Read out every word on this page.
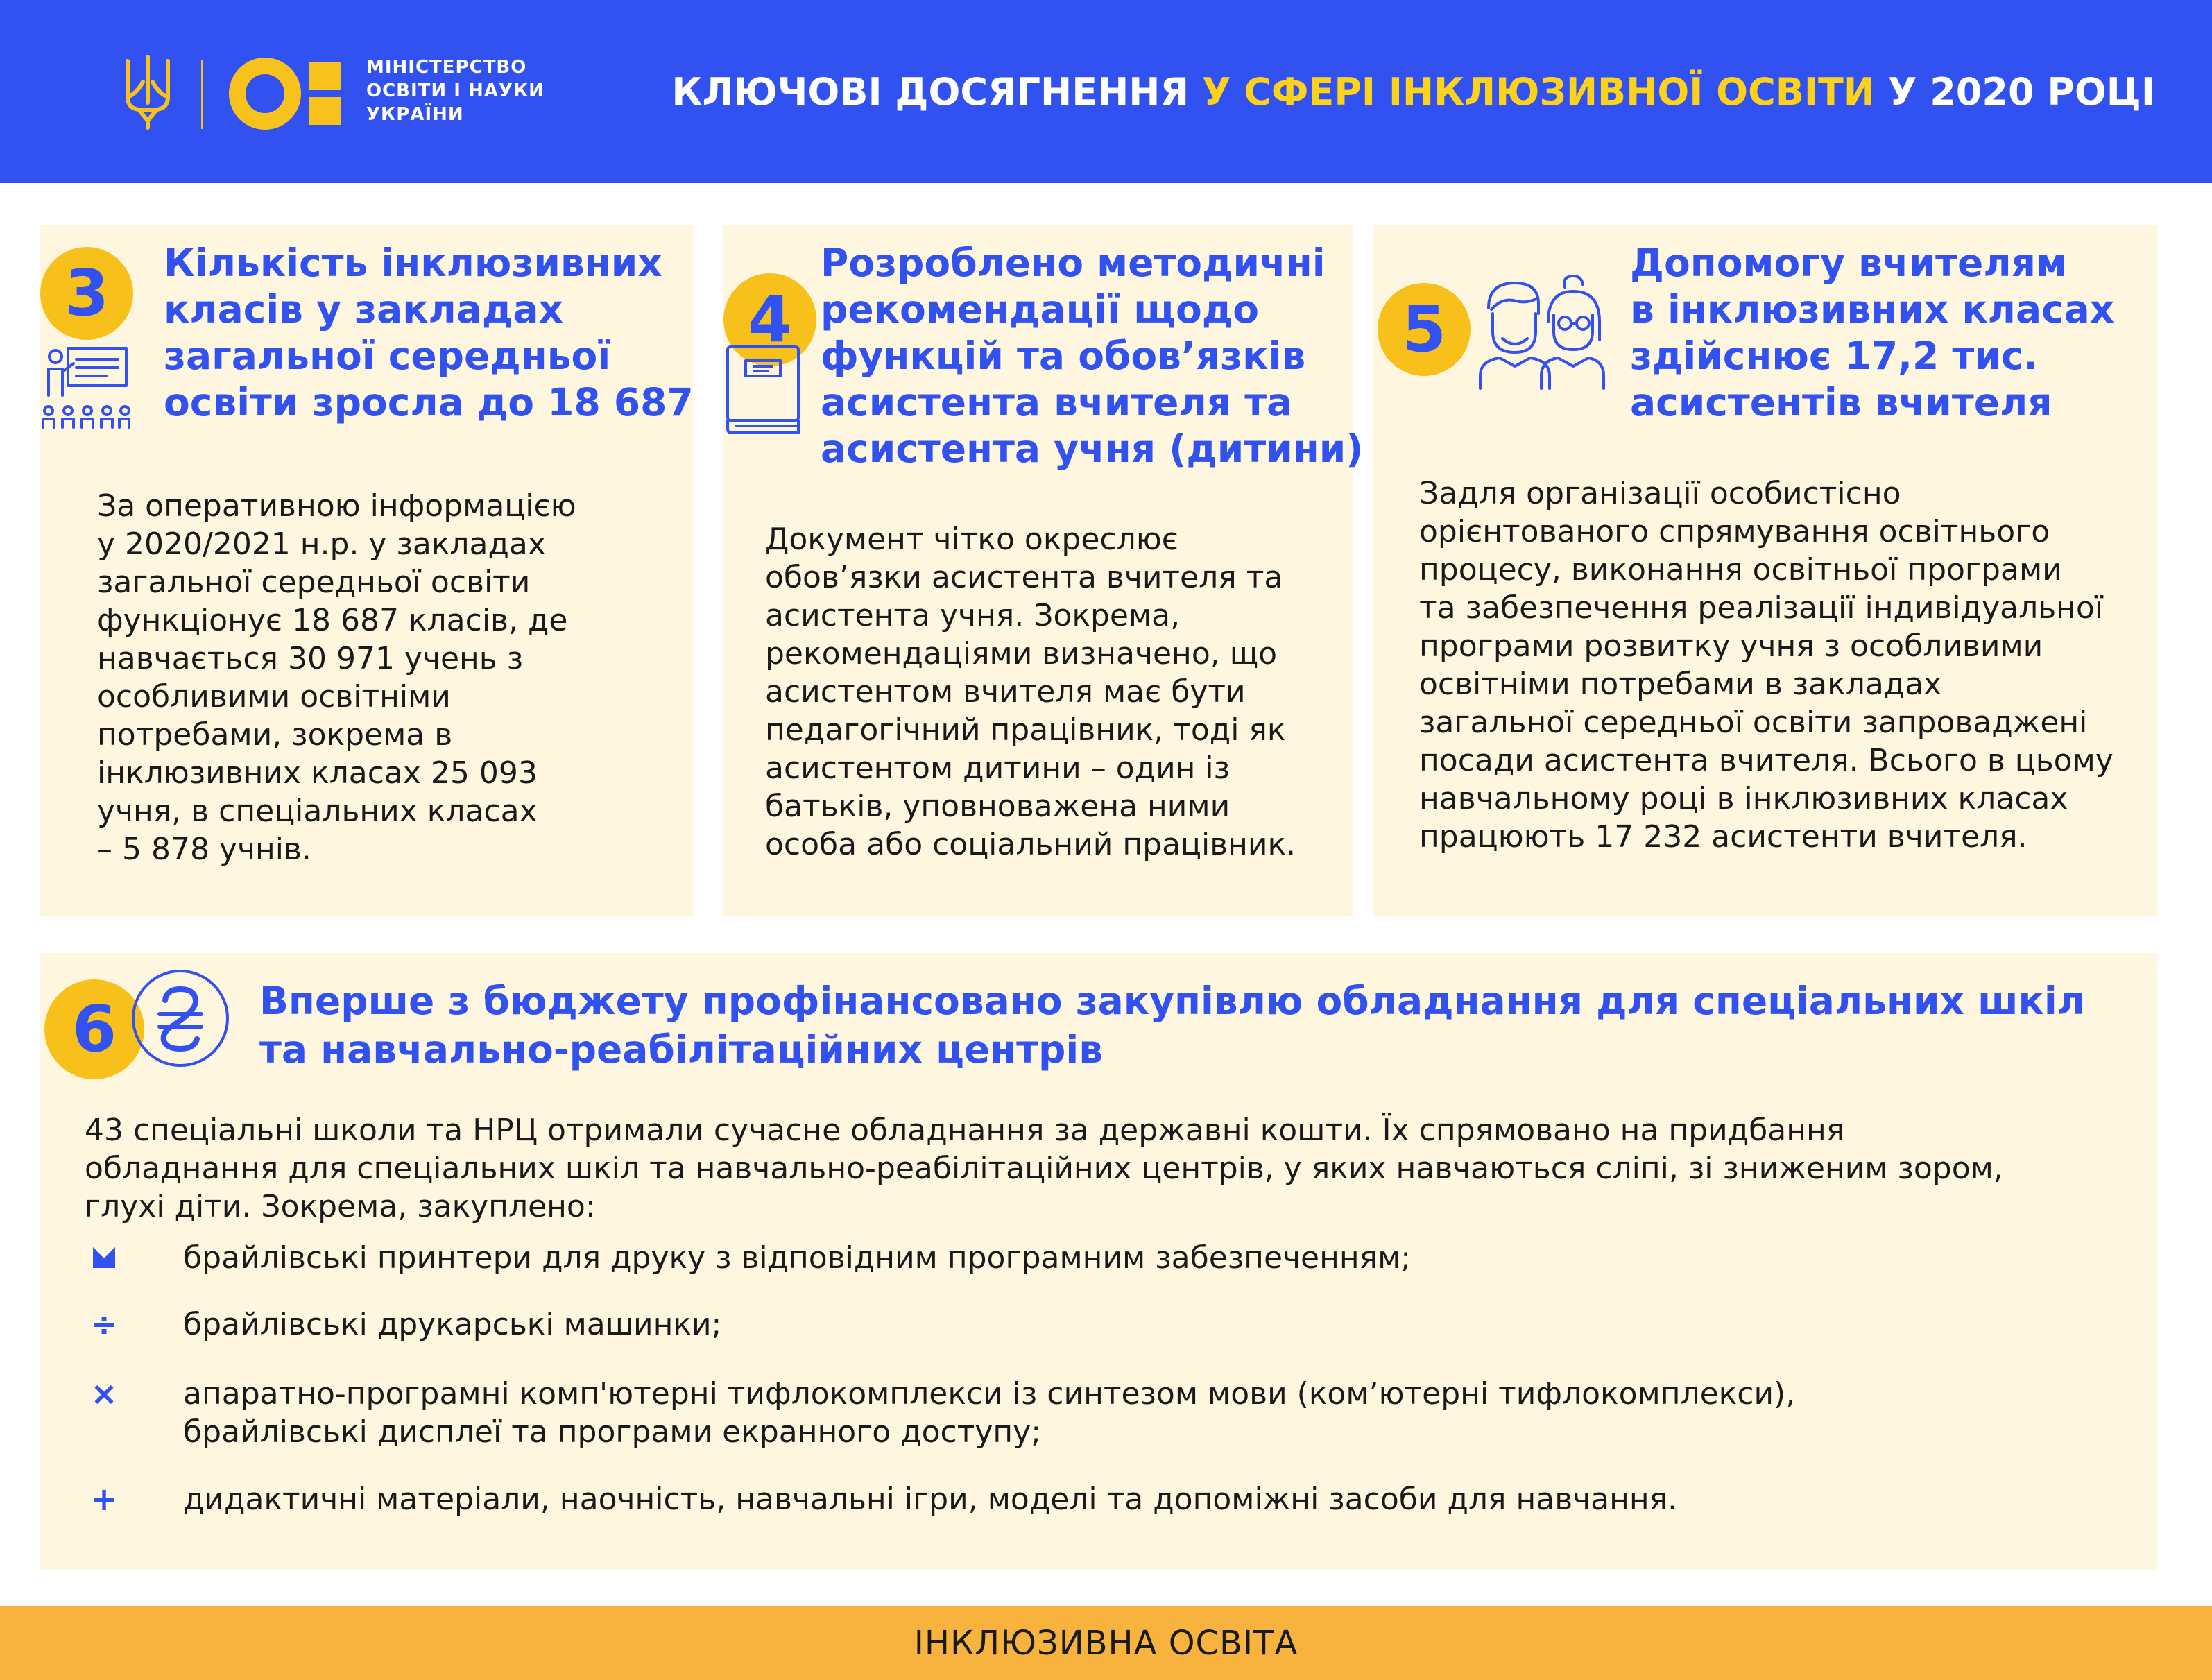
МІНІСТЕРСТВО
ОСВІТИ І НАУКИ
УКРАЇНИ
КЛЮЧОВІ ДОСЯГНЕННЯ У СФЕРІ ІНКЛЮЗИВНОЇ ОСВІТИ У 2020 РОЦІ
3	Кількість інклюзивних
класів у закладах
загальної середньої
освіти зросла до 18 687
За оперативною інформацією
у 2020/2021 н.р. у закладах
загальної середньої освіти
функціонує 18 687 класів, де
навчається 30 971 учень з
особливими освітніми
потребами, зокрема в
інклюзивних класах 25 093
учня, в спеціальних класах
– 5 878 учнів.
4
Розроблено методичні
рекомендації щодо
функцій та обов’язків
асистента вчителя та
асистента учня (дитини)
Документ чітко окреслює
обов’язки асистента вчителя та
асистента учня. Зокрема,
рекомендаціями визначено, що
асистентом вчителя має бути
педагогічний працівник, тоді як
асистентом дитини – один із
батьків, уповноважена ними
особа або соціальний працівник.
5
Допомогу вчителям
в інклюзивних класах
здійснює 17,2 тис.
асистентів вчителя
Задля організації особистісно
орієнтованого спрямування освітнього
процесу, виконання освітньої програми
та забезпечення реалізації індивідуальної
програми розвитку учня з особливими
освітніми потребами в закладах
загальної середньої освіти запроваджені
посади асистента вчителя. Всього в цьому
навчальному році в інклюзивних класах
працюють 17 232 асистенти вчителя.
6	Вперше з бюджету профінансовано закупівлю обладнання для спеціальних шкіл
та навчально-реабілітаційних центрів
43 спеціальні школи та НРЦ отримали сучасне обладнання за державні кошти. Їх спрямовано на придбання
обладнання для спеціальних шкіл та навчально-реабілітаційних центрів, у яких навчаються сліпі, зі зниженим зором,
глухі діти. Зокрема, закуплено:
брайлівські принтери для друку з відповідним програмним забезпеченням;
÷ брайлівські друкарські машинки;
× апаратно-програмні комп'ютерні тифлокомплекси із синтезом мови (ком’ютерні тифлокомплекси),
брайлівські дисплеї та програми екранного доступу;
+ дидактичні матеріали, наочність, навчальні ігри, моделі та допоміжні засоби для навчання.
ІНКЛЮЗИВНА ОСВІТА
